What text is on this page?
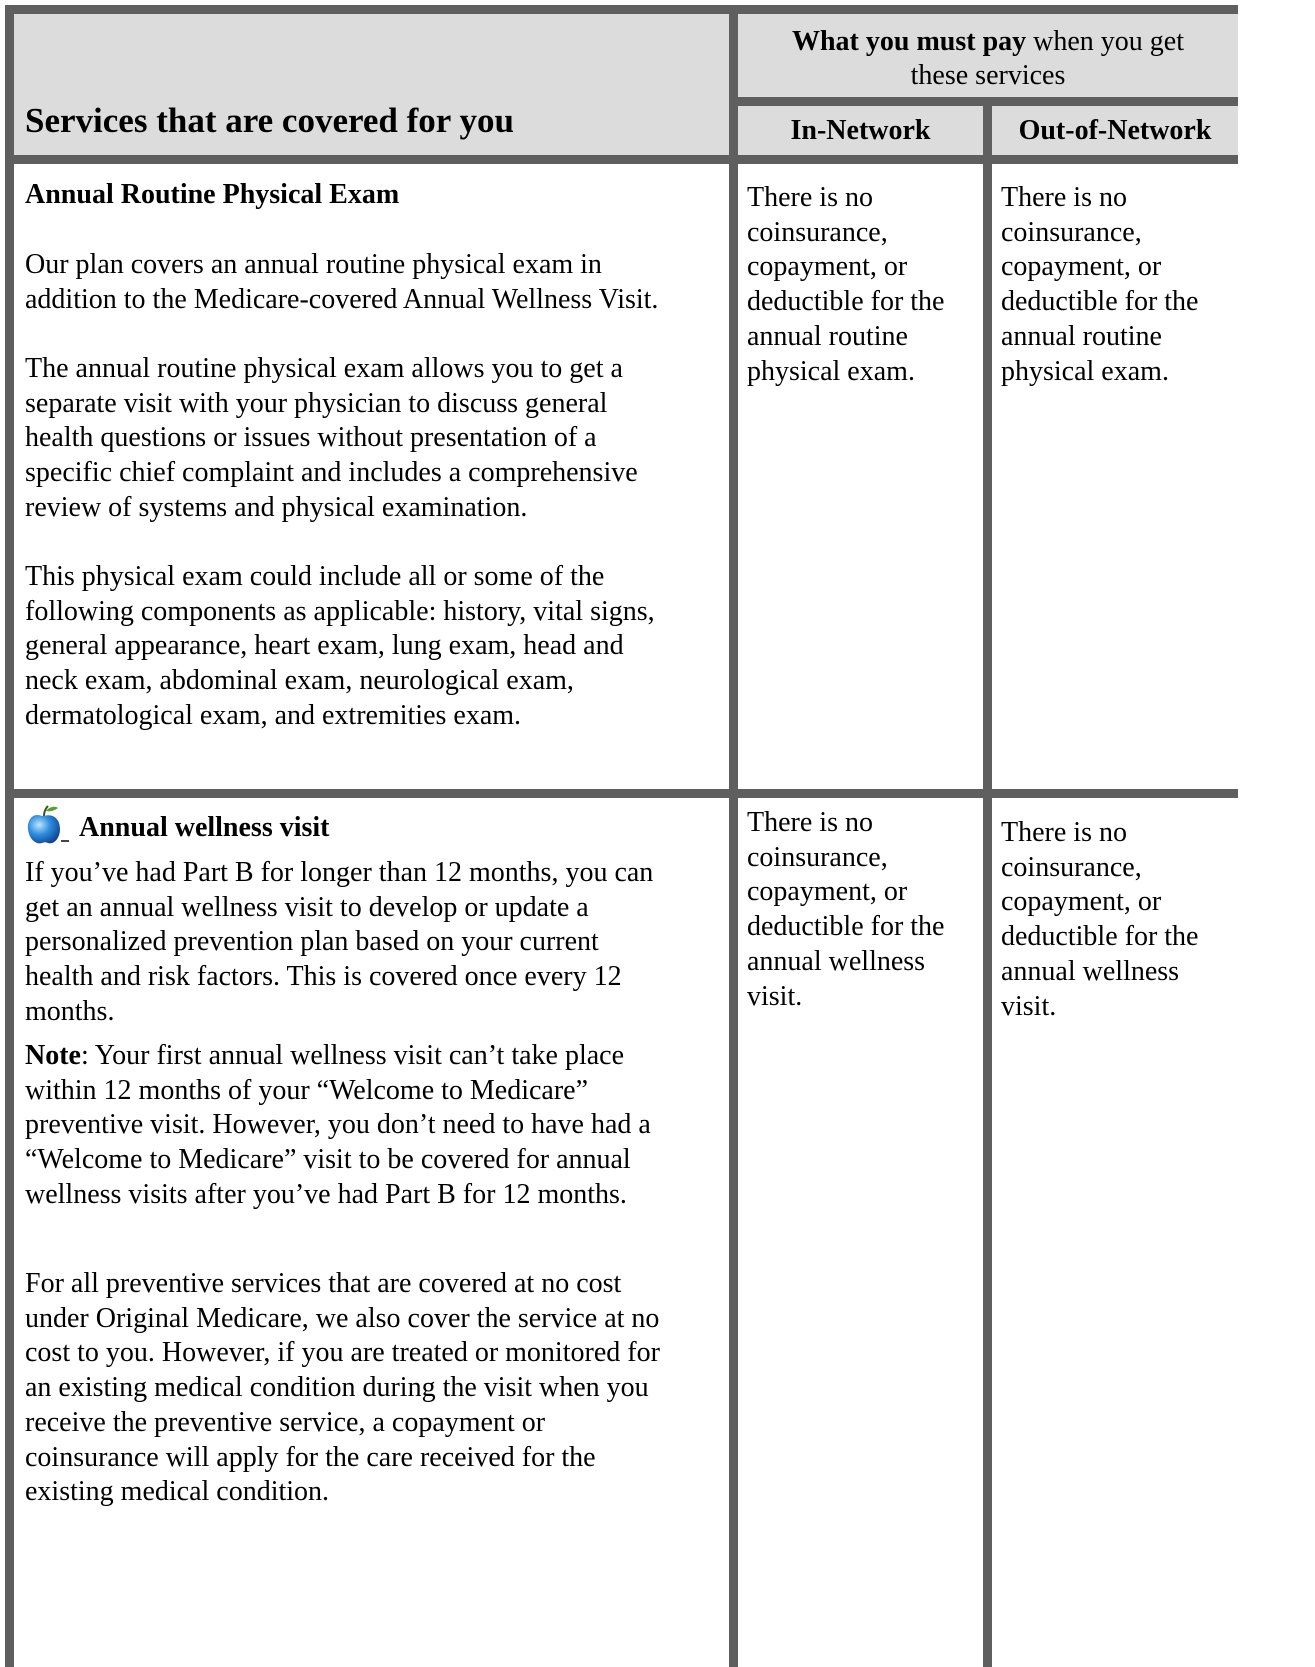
Services that are covered for you
What you must pay when you get
these services
In-Network	Out-of-Network
Annual Routine Physical Exam
Our plan covers an annual routine physical exam in
addition to the Medicare-covered Annual Wellness Visit.
The annual routine physical exam allows you to get a
separate visit with your physician to discuss general
health questions or issues without presentation of a
specific chief complaint and includes a comprehensive
review of systems and physical examination.
This physical exam could include all or some of the
following components as applicable: history, vital signs,
general appearance, heart exam, lung exam, head and
neck exam, abdominal exam, neurological exam,
dermatological exam, and extremities exam.
There is no
coinsurance,
copayment, or
deductible for the
annual routine
physical exam.
There is no
coinsurance,
copayment, or
deductible for the
annual routine
physical exam.
Annual wellness visit
If you’ve had Part B for longer than 12 months, you can
get an annual wellness visit to develop or update a
personalized prevention plan based on your current
health and risk factors. This is covered once every 12
months.
Note: Your first annual wellness visit can’t take place
within 12 months of your “Welcome to Medicare”
preventive visit. However, you don’t need to have had a
“Welcome to Medicare” visit to be covered for annual
wellness visits after you’ve had Part B for 12 months.
For all preventive services that are covered at no cost
under Original Medicare, we also cover the service at no
cost to you. However, if you are treated or monitored for
an existing medical condition during the visit when you
receive the preventive service, a copayment or
coinsurance will apply for the care received for the
existing medical condition.
There is no
coinsurance,
copayment, or
deductible for the
annual wellness
visit.
There is no
coinsurance,
copayment, or
deductible for the
annual wellness
visit.
